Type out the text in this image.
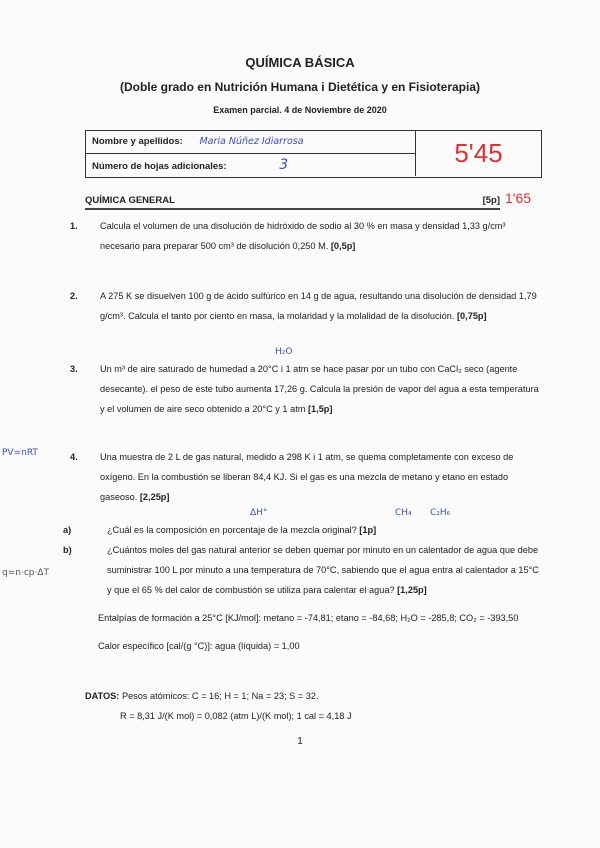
QUÍMICA BÁSICA
(Doble grado en Nutrición Humana i Dietética y en Fisioterapia)
Examen parcial. 4 de Noviembre de 2020
Nombre y apellidos: Maria Núñez Idiarrosa
Número de hojas adicionales:	3	5'45
QUÍMICA GENERAL	[5p] 1'65

1. Calcula el volumen de una disolución de hidróxido de sodio al 30 % en masa y densidad 1,33 g/cm³ necesario para preparar 500 cm³ de disolución 0,250 M. [0,5p]

2. A 275 K se disuelven 100 g de ácido sulfúrico en 14 g de agua, resultando una disolución de densidad 1,79 g/cm³. Calcula el tanto por ciento en masa, la molaridad y la molalidad de la disolución. [0,75p]

H₂O

3. Un m³ de aire saturado de humedad a 20°C i 1 atm se hace pasar por un tubo con CaCl₂ seco (agente desecante). el peso de este tubo aumenta 17,26 g. Calcula la presión de vapor del agua a esta temperatura y el volumen de aire seco obtenido a 20°C y 1 atm [1,5p]

4. Una muestra de 2 L de gas natural, medido a 298 K i 1 atm, se quema completamente con exceso de oxígeno. En la combustión se liberan 84,4 KJ. Si el gas es una mezcla de metano y etano en estado gaseoso. [2,25p]

ΔH°	CH₄ C₂H₆

a)	¿Cuál es la composición en porcentaje de la mezcla original? [1p]

b)	¿Cuántos moles del gas natural anterior se deben quemar por minuto en un calentador de agua que debe suministrar 100 L por minuto a una temperatura de 70°C, sabiendo que el agua entra al calentador a 15°C y que el 65 % del calor de combustión se utiliza para calentar el agua? [1,25p]

Entalpías de formación a 25°C [KJ/mol]: metano = -74,81; etano = -84,68; H₂O = -285,8; CO₂ = -393,50

Calor específico [cal/(g °C)]: agua (líquida) = 1,00

DATOS: Pesos atómicos: C = 16; H = 1; Na = 23; S = 32.

R = 8,31 J/(K mol) = 0,082 (atm L)/(K mol); 1 cal = 4,18 J

1

PV=nRT
q=n·cp·ΔT
